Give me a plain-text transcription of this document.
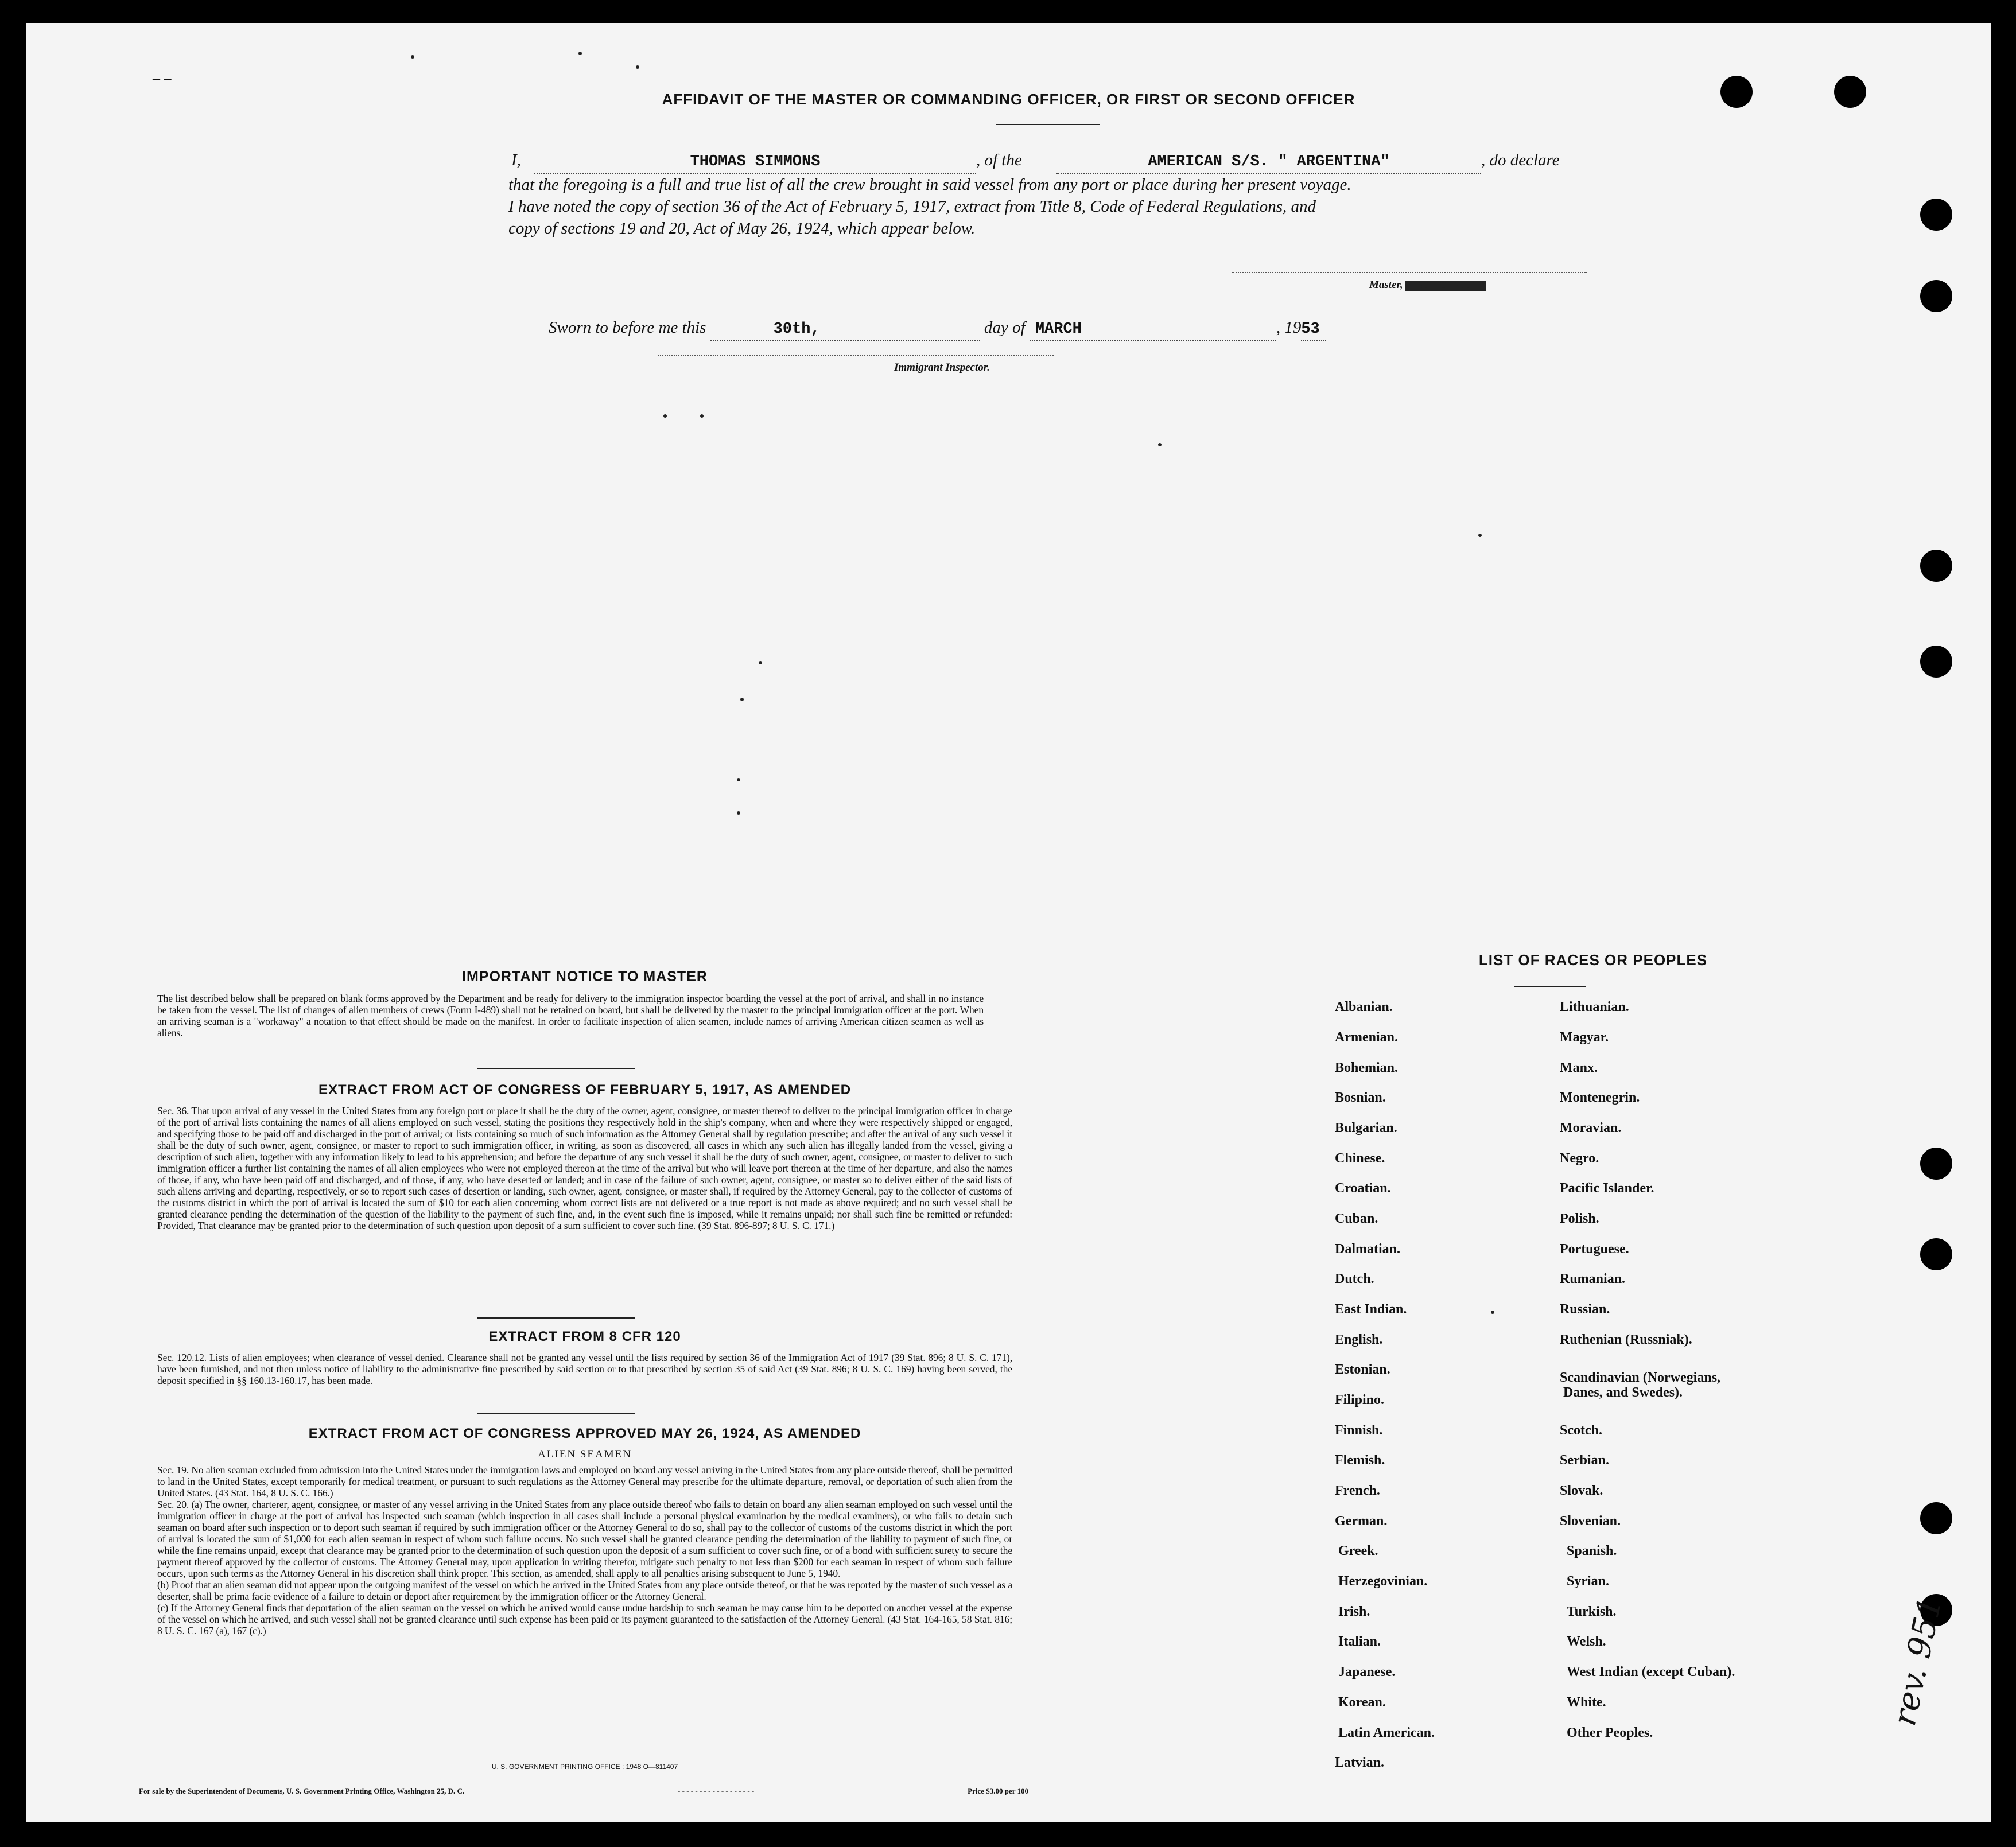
– –
AFFIDAVIT OF THE MASTER OR COMMANDING OFFICER, OR FIRST OR SECOND OFFICER
I,	THOMAS SIMMONS	, of the	AMERICAN S/S. " ARGENTINA"	, do declare
that the foregoing is a full and true list of all the crew brought in said vessel from any port or place during her present voyage.
I have noted the copy of section 36 of the Act of February 5, 1917, extract from Title 8, Code of Federal Regulations, and
copy of sections 19 and 20, Act of May 26, 1924, which appear below.
Master, FIRST OFFICER
Sworn to before me this	30th,	day of MARCH	, 1953
Immigrant Inspector.
IMPORTANT NOTICE TO MASTER
The list described below shall be prepared on blank forms approved by the Department and be ready for delivery to the immigration inspector boarding the vessel at the port of arrival, and shall in no instance be taken from the vessel. The list of changes of alien members of crews (Form I-489) shall not be retained on board, but shall be delivered by the master to the principal immigration officer at the port. When an arriving seaman is a "workaway" a notation to that effect should be made on the manifest. In order to facilitate inspection of alien seamen, include names of arriving American citizen seamen as well as aliens.
EXTRACT FROM ACT OF CONGRESS OF FEBRUARY 5, 1917, AS AMENDED
Sec. 36. That upon arrival of any vessel in the United States from any foreign port or place it shall be the duty of the owner, agent, consignee, or master thereof to deliver to the principal immigration officer in charge of the port of arrival lists containing the names of all aliens employed on such vessel, stating the positions they respectively hold in the ship's company, when and where they were respectively shipped or engaged, and specifying those to be paid off and discharged in the port of arrival; or lists containing so much of such information as the Attorney General shall by regulation prescribe; and after the arrival of any such vessel it shall be the duty of such owner, agent, consignee, or master to report to such immigration officer, in writing, as soon as discovered, all cases in which any such alien has illegally landed from the vessel, giving a description of such alien, together with any information likely to lead to his apprehension; and before the departure of any such vessel it shall be the duty of such owner, agent, consignee, or master to deliver to such immigration officer a further list containing the names of all alien employees who were not employed thereon at the time of the arrival but who will leave port thereon at the time of her departure, and also the names of those, if any, who have been paid off and discharged, and of those, if any, who have deserted or landed; and in case of the failure of such owner, agent, consignee, or master so to deliver either of the said lists of such aliens arriving and departing, respectively, or so to report such cases of desertion or landing, such owner, agent, consignee, or master shall, if required by the Attorney General, pay to the collector of customs of the customs district in which the port of arrival is located the sum of $10 for each alien concerning whom correct lists are not delivered or a true report is not made as above required; and no such vessel shall be granted clearance pending the determination of the question of the liability to the payment of such fine, and, in the event such fine is imposed, while it remains unpaid; nor shall such fine be remitted or refunded: Provided, That clearance may be granted prior to the determination of such question upon deposit of a sum sufficient to cover such fine. (39 Stat. 896-897; 8 U. S. C. 171.)
EXTRACT FROM 8 CFR 120
Sec. 120.12. Lists of alien employees; when clearance of vessel denied. Clearance shall not be granted any vessel until the lists required by section 36 of the Immigration Act of 1917 (39 Stat. 896; 8 U. S. C. 171), have been furnished, and not then unless notice of liability to the administrative fine prescribed by said section or to that prescribed by section 35 of said Act (39 Stat. 896; 8 U. S. C. 169) having been served, the deposit specified in §§ 160.13-160.17, has been made.
EXTRACT FROM ACT OF CONGRESS APPROVED MAY 26, 1924, AS AMENDED
ALIEN SEAMEN
Sec. 19. No alien seaman excluded from admission into the United States under the immigration laws and employed on board any vessel arriving in the United States from any place outside thereof, shall be permitted to land in the United States, except temporarily for medical treatment, or pursuant to such regulations as the Attorney General may prescribe for the ultimate departure, removal, or deportation of such alien from the United States. (43 Stat. 164, 8 U. S. C. 166.)
Sec. 20. (a) The owner, charterer, agent, consignee, or master of any vessel arriving in the United States from any place outside thereof who fails to detain on board any alien seaman employed on such vessel until the immigration officer in charge at the port of arrival has inspected such seaman (which inspection in all cases shall include a personal physical examination by the medical examiners), or who fails to detain such seaman on board after such inspection or to deport such seaman if required by such immigration officer or the Attorney General to do so, shall pay to the collector of customs of the customs district in which the port of arrival is located the sum of $1,000 for each alien seaman in respect of whom such failure occurs. No such vessel shall be granted clearance pending the determination of the liability to payment of such fine, or while the fine remains unpaid, except that clearance may be granted prior to the determination of such question upon the deposit of a sum sufficient to cover such fine, or of a bond with sufficient surety to secure the payment thereof approved by the collector of customs. The Attorney General may, upon application in writing therefor, mitigate such penalty to not less than $200 for each seaman in respect of whom such failure occurs, upon such terms as the Attorney General in his discretion shall think proper. This section, as amended, shall apply to all penalties arising subsequent to June 5, 1940.
(b) Proof that an alien seaman did not appear upon the outgoing manifest of the vessel on which he arrived in the United States from any place outside thereof, or that he was reported by the master of such vessel as a deserter, shall be prima facie evidence of a failure to detain or deport after requirement by the immigration officer or the Attorney General.
(c) If the Attorney General finds that deportation of the alien seaman on the vessel on which he arrived would cause undue hardship to such seaman he may cause him to be deported on another vessel at the expense of the vessel on which he arrived, and such vessel shall not be granted clearance until such expense has been paid or its payment guaranteed to the satisfaction of the Attorney General. (43 Stat. 164-165, 58 Stat. 816; 8 U. S. C. 167 (a), 167 (c).)
U. S. GOVERNMENT PRINTING OFFICE : 1948 O—811407
For sale by the Superintendent of Documents, U. S. Government Printing Office, Washington 25, D. C.	- - - - - - - - - - - - - - - - - -	Price $3.00 per 100
LIST OF RACES OR PEOPLES
rev. 951
Albanian.
Armenian.
Bohemian.
Bosnian.
Bulgarian.
Chinese.
Croatian.
Cuban.
Dalmatian.
Dutch.
East Indian.
English.
Estonian.
Filipino.
Finnish.
Flemish.
French.
German.
Greek.
Herzegovinian.
Irish.
Italian.
Japanese.
Korean.
Latin American.
Latvian.
Lithuanian.
Magyar.
Manx.
Montenegrin.
Moravian.
Negro.
Pacific Islander.
Polish.
Portuguese.
Rumanian.
Russian.
Ruthenian (Russniak).
Scandinavian (Norwegians,
Danes, and Swedes).
Scotch.
Serbian.
Slovak.
Slovenian.
Spanish.
Syrian.
Turkish.
Welsh.
West Indian (except Cuban).
White.
Other Peoples.
